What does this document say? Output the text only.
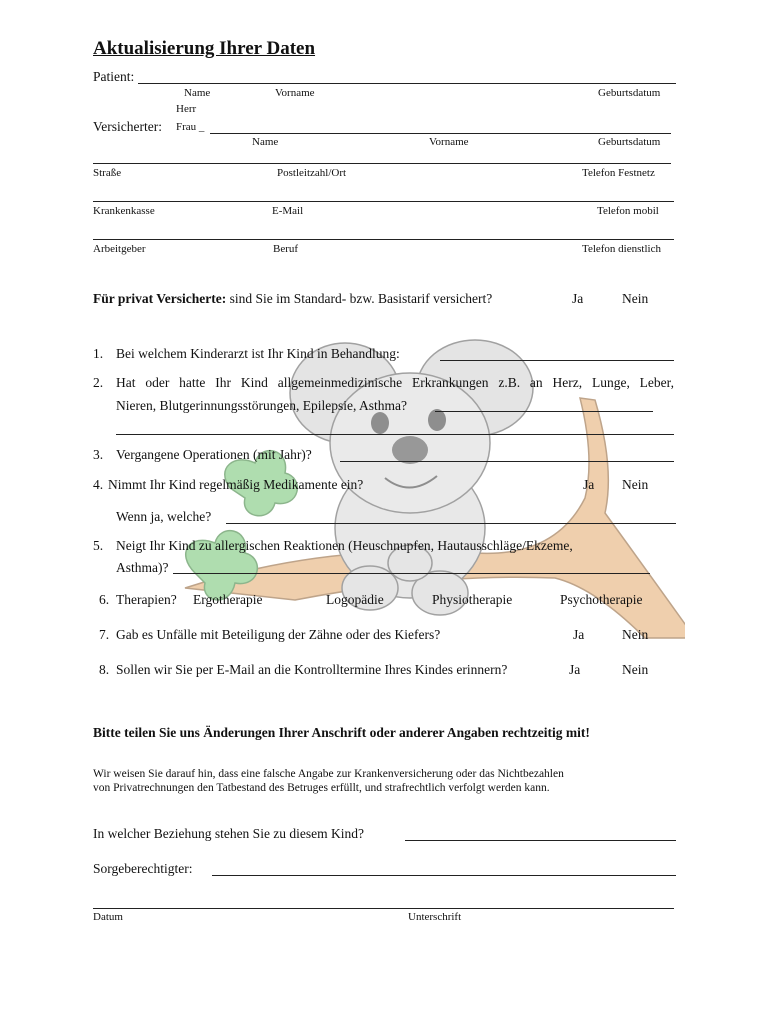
Aktualisierung Ihrer Daten
Patient:
Name	Vorname	Geburtsdatum
Herr
Versicherter: Frau _
Name	Vorname	Geburtsdatum
Straße	Postleitzahl/Ort	Telefon Festnetz
Krankenkasse	E-Mail	Telefon mobil
Arbeitgeber	Beruf	Telefon dienstlich
Für privat Versicherte: sind Sie im Standard- bzw. Basistarif versichert?	Ja	Nein
1. Bei welchem Kinderarzt ist Ihr Kind in Behandlung:
2. Hat oder hatte Ihr Kind allgemeinmedizinische Erkrankungen z.B. an Herz, Lunge, Leber,
Nieren, Blutgerinnungsstörungen, Epilepsie, Asthma?
3. Vergangene Operationen (mit Jahr)?
4. Nimmt Ihr Kind regelmäßig Medikamente ein?	Ja Nein
Wenn ja, welche?
5. Neigt Ihr Kind zu allergischen Reaktionen (Heuschnupfen, Hautausschläge/Ekzeme,
Asthma)?
6. Therapien? Ergotherapie	Logopädie	Physiotherapie	Psychotherapie
7. Gab es Unfälle mit Beteiligung der Zähne oder des Kiefers?	Ja	Nein
8. Sollen wir Sie per E-Mail an die Kontrolltermine Ihres Kindes erinnern?	Ja	Nein
Bitte teilen Sie uns Änderungen Ihrer Anschrift oder anderer Angaben rechtzeitig mit!
Wir weisen Sie darauf hin, dass eine falsche Angabe zur Krankenversicherung oder das Nichtbezahlen
von Privatrechnungen den Tatbestand des Betruges erfüllt, und strafrechtlich verfolgt werden kann.
In welcher Beziehung stehen Sie zu diesem Kind?
Sorgeberechtigter:
Datum	Unterschrift
